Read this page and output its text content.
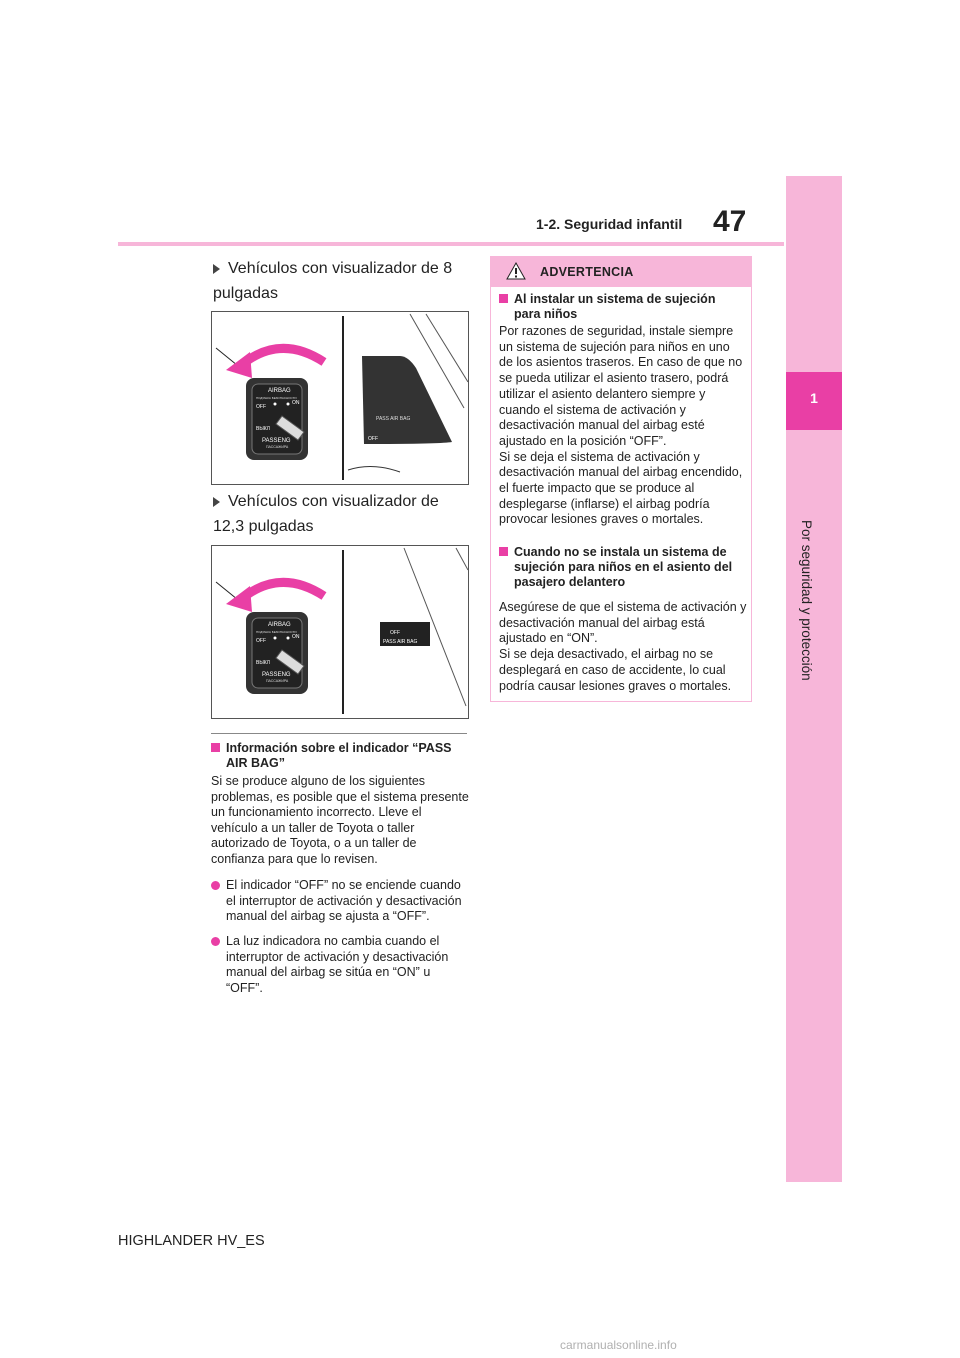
1-2. Seguridad infantil 47
1
Por seguridad y protección
Vehículos con visualizador de 8 pulgadas
AIRBAG
ПОДУШКА БЕЗОПАСНОСТИ
OFF
ON
ВЫКЛ
PASSENG
ПАССАЖИРА
PASS AIR BAG
OFF
Vehículos con visualizador de 12,3 pulgadas
AIRBAG
ПОДУШКА БЕЗОПАСНОСТИ
OFF
ON
ВЫКЛ
PASSENG
ПАССАЖИРА
OFF
PASS AIR BAG
Información sobre el indicador “PASS AIR BAG”
Si se produce alguno de los siguientes problemas, es posible que el sistema presente un funcionamiento incorrecto. Lleve el vehículo a un taller de Toyota o taller autorizado de Toyota, o a un taller de confianza para que lo revisen.
El indicador “OFF” no se enciende cuando el interruptor de activación y desactivación manual del airbag se ajusta a “OFF”.
La luz indicadora no cambia cuando el interruptor de activación y desactivación manual del airbag se sitúa en “ON” u “OFF”.
ADVERTENCIA
Al instalar un sistema de sujeción para niños
Por razones de seguridad, instale siempre un sistema de sujeción para niños en uno de los asientos traseros. En caso de que no se pueda utilizar el asiento trasero, podrá utilizar el asiento delantero siempre y cuando el sistema de activación y desactivación manual del airbag esté ajustado en la posición “OFF”.
Si se deja el sistema de activación y desactivación manual del airbag encendido, el fuerte impacto que se produce al desplegarse (inflarse) el airbag podría provocar lesiones graves o mortales.
Cuando no se instala un sistema de sujeción para niños en el asiento del pasajero delantero
Asegúrese de que el sistema de activación y desactivación manual del airbag está ajustado en “ON”.
Si se deja desactivado, el airbag no se desplegará en caso de accidente, lo cual podría causar lesiones graves o mortales.
HIGHLANDER HV_ES
carmanualsonline.info
